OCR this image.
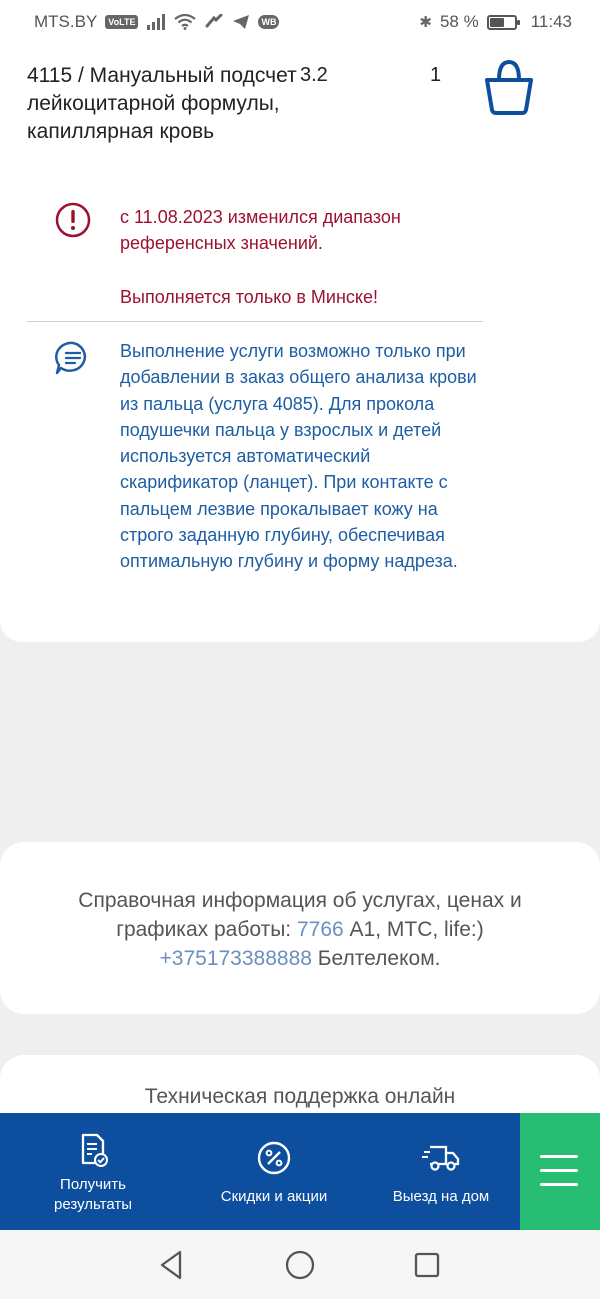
MTS.BY	VoLTE	WB	✱ 58 %	11:43
4115 / Мануальный подсчет лейкоцитарной формулы, капиллярная кровь
3.2	1
с 11.08.2023 изменился диапазон референсных значений.
Выполняется только в Минске!
Выполнение услуги возможно только при добавлении в заказ общего анализа крови из пальца (услуга 4085). Для прокола подушечки пальца у взрослых и детей используется автоматический скарификатор (ланцет). При контакте с пальцем лезвие прокалывает кожу на строго заданную глубину, обеспечивая оптимальную глубину и форму надреза.
Справочная информация об услугах, ценах и графиках работы: 7766 А1, МТС, life:) +375173388888 Белтелеком.
Техническая поддержка онлайн
Получить результаты	Скидки и акции	Выезд на дом
